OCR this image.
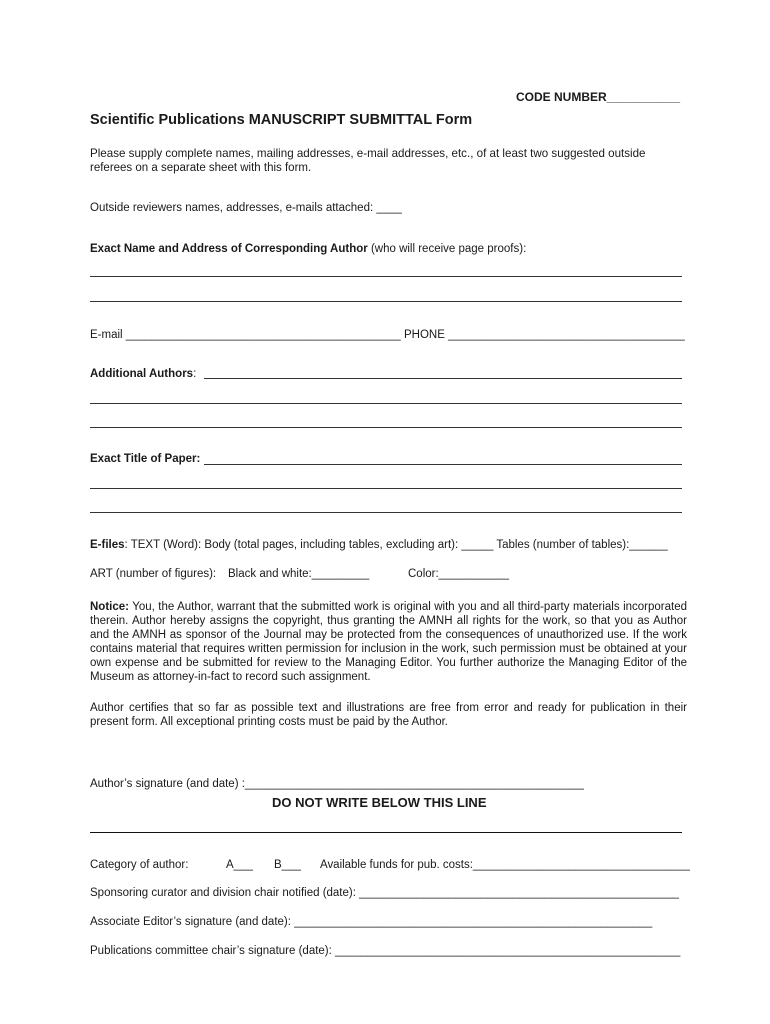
CODE NUMBER___________
Scientific Publications MANUSCRIPT SUBMITTAL Form
Please supply complete names, mailing addresses, e-mail addresses, etc., of at least two suggested outside
referees on a separate sheet with this form.
Outside reviewers names, addresses, e-mails attached: ____
Exact Name and Address of Corresponding Author (who will receive page proofs):
E-mail ___________________________________________ PHONE _____________________________________
Additional Authors:
Exact Title of Paper:
E-files: TEXT (Word): Body (total pages, including tables, excluding art): _____ Tables (number of tables):______
ART (number of figures): Black and white:_________	Color:___________
Notice: You, the Author, warrant that the submitted work is original with you and all third-party materials incorporated therein. Author hereby assigns the copyright, thus granting the AMNH all rights for the work, so that you as Author and the AMNH as sponsor of the Journal may be protected from the consequences of unauthorized use. If the work contains material that requires written permission for inclusion in the work, such permission must be obtained at your own expense and be submitted for review to the Managing Editor. You further authorize the Managing Editor of the Museum as attorney-in-fact to record such assignment.
Author certifies that so far as possible text and illustrations are free from error and ready for publication in their present form. All exceptional printing costs must be paid by the Author.
Author’s signature (and date) :_____________________________________________________
DO NOT WRITE BELOW THIS LINE
Category of author:	A___ B___ Available funds for pub. costs:__________________________________
Sponsoring curator and division chair notified (date): __________________________________________________
Associate Editor’s signature (and date): ________________________________________________________
Publications committee chair’s signature (date): ______________________________________________________
